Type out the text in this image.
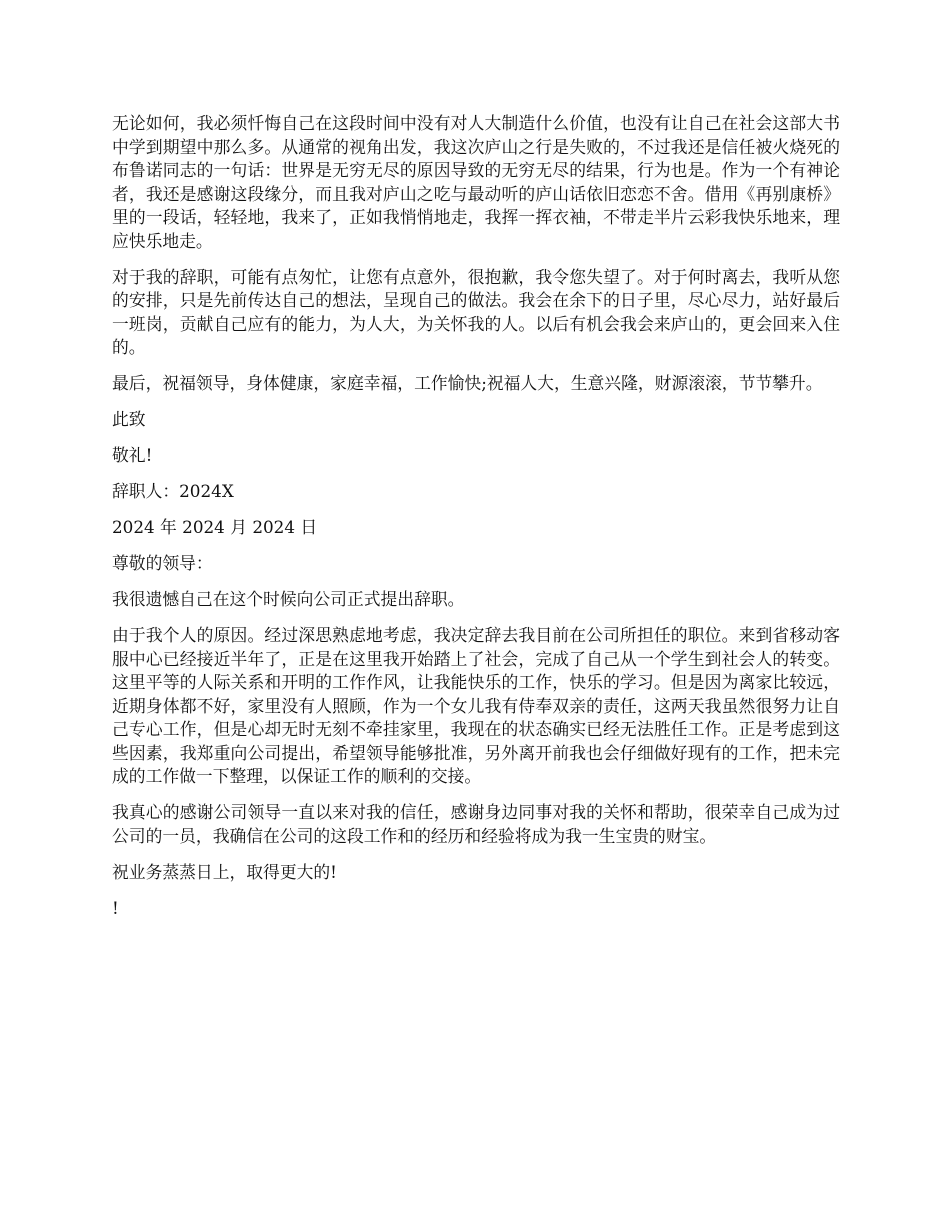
无论如何，我必须忏悔自己在这段时间中没有对人大制造什么价值，也没有让自己在社会这部大书中学到期望中那么多。从通常的视角出发，我这次庐山之行是失败的，不过我还是信任被火烧死的布鲁诺同志的一句话：世界是无穷无尽的原因导致的无穷无尽的结果，行为也是。作为一个有神论者，我还是感谢这段缘分，而且我对庐山之吃与最动听的庐山话依旧恋恋不舍。借用《再别康桥》里的一段话，轻轻地，我来了，正如我悄悄地走，我挥一挥衣袖，不带走半片云彩我快乐地来，理应快乐地走。

对于我的辞职，可能有点匆忙，让您有点意外，很抱歉，我令您失望了。对于何时离去，我听从您的安排，只是先前传达自己的想法，呈现自己的做法。我会在余下的日子里，尽心尽力，站好最后一班岗，贡献自己应有的能力，为人大，为关怀我的人。以后有机会我会来庐山的，更会回来入住的。

最后，祝福领导，身体健康，家庭幸福，工作愉快;祝福人大，生意兴隆，财源滚滚，节节攀升。

此致

敬礼!

辞职人：2024X

2024 年 2024 月 2024 日

尊敬的领导：

我很遗憾自己在这个时候向公司正式提出辞职。

由于我个人的原因。经过深思熟虑地考虑，我决定辞去我目前在公司所担任的职位。来到省移动客服中心已经接近半年了，正是在这里我开始踏上了社会，完成了自己从一个学生到社会人的转变。这里平等的人际关系和开明的工作作风，让我能快乐的工作，快乐的学习。但是因为离家比较远，近期身体都不好，家里没有人照顾，作为一个女儿我有侍奉双亲的责任，这两天我虽然很努力让自己专心工作，但是心却无时无刻不牵挂家里，我现在的状态确实已经无法胜任工作。正是考虑到这些因素，我郑重向公司提出，希望领导能够批准，另外离开前我也会仔细做好现有的工作，把未完成的工作做一下整理，以保证工作的顺利的交接。

我真心的感谢公司领导一直以来对我的信任，感谢身边同事对我的关怀和帮助，很荣幸自己成为过公司的一员，我确信在公司的这段工作和的经历和经验将成为我一生宝贵的财宝。

祝业务蒸蒸日上，取得更大的!

!
